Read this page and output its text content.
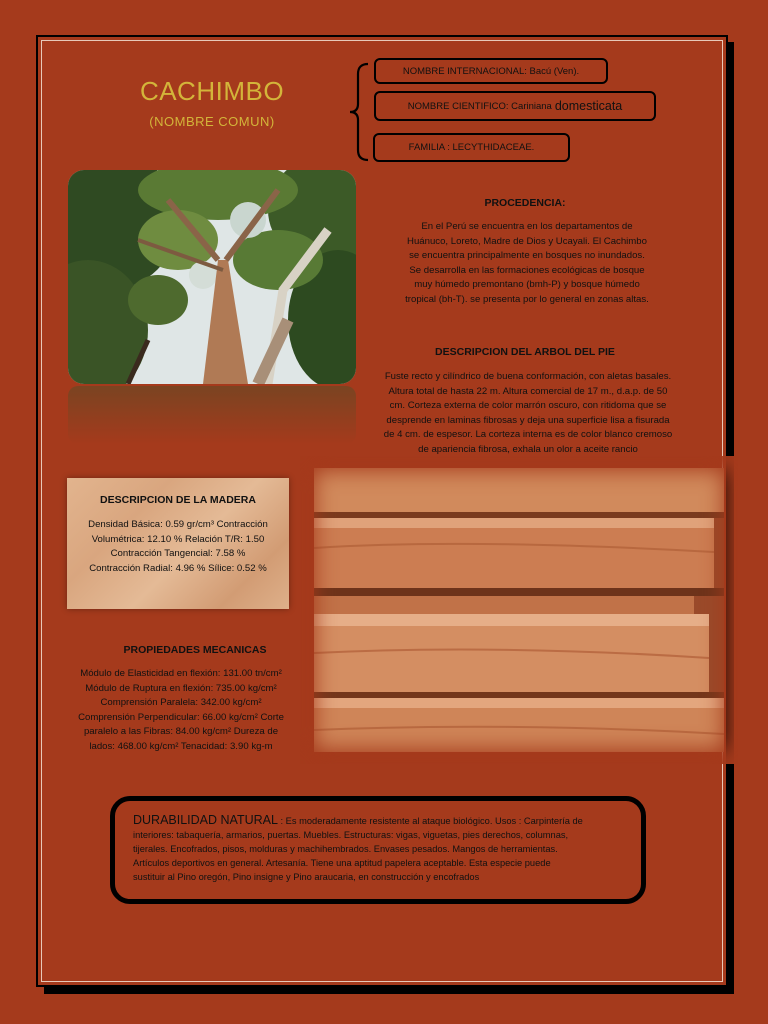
CACHIMBO
(NOMBRE COMUN)
NOMBRE INTERNACIONAL: Bacú (Ven).
NOMBRE CIENTIFICO: Cariniana domesticata
FAMILIA : LECYTHIDACEAE.
PROCEDENCIA:
En el Perú se encuentra en los departamentos de
Huánuco, Loreto, Madre de Dios y Ucayali. El Cachimbo
se encuentra principalmente en bosques no inundados.
Se desarrolla en las formaciones ecológicas de bosque
muy húmedo premontano (bmh-P) y bosque húmedo
tropical (bh-T). se presenta por lo general en zonas altas.
DESCRIPCION DEL ARBOL DEL PIE
Fuste recto y cilíndrico de buena conformación, con aletas basales.
Altura total de hasta 22 m. Altura comercial de 17 m., d.a.p. de 50
cm. Corteza externa de color marrón oscuro, con ritidoma que se
desprende en laminas fibrosas y deja una superficie lisa a fisurada
de 4 cm. de espesor. La corteza interna es de color blanco cremoso
de apariencia fibrosa, exhala un olor a aceite rancio
DESCRIPCION DE LA MADERA
Densidad Básica: 0.59 gr/cm³ Contracción
Volumétrica: 12.10 % Relación T/R: 1.50
Contracción Tangencial: 7.58 %
Contracción Radial: 4.96 % Sílice: 0.52 %
PROPIEDADES MECANICAS
Módulo de Elasticidad en flexión: 131.00 tn/cm²
Módulo de Ruptura en flexión: 735.00 kg/cm²
Comprensión Paralela: 342.00 kg/cm²
Comprensión Perpendicular: 66.00 kg/cm² Corte
paralelo a las Fibras: 84.00 kg/cm² Dureza de
lados: 468.00 kg/cm² Tenacidad: 3.90 kg-m
DURABILIDAD NATURAL : Es moderadamente resistente al ataque biológico. Usos : Carpintería de
interiores: tabaquería, armarios, puertas. Muebles. Estructuras: vigas, viguetas, pies derechos, columnas,
tijerales. Encofrados, pisos, molduras y machihembrados. Envases pesados. Mangos de herramientas.
Artículos deportivos en general. Artesanía. Tiene una aptitud papelera aceptable. Esta especie puede
sustituir al Pino oregón, Pino insigne y Pino araucaria, en construcción y encofrados
